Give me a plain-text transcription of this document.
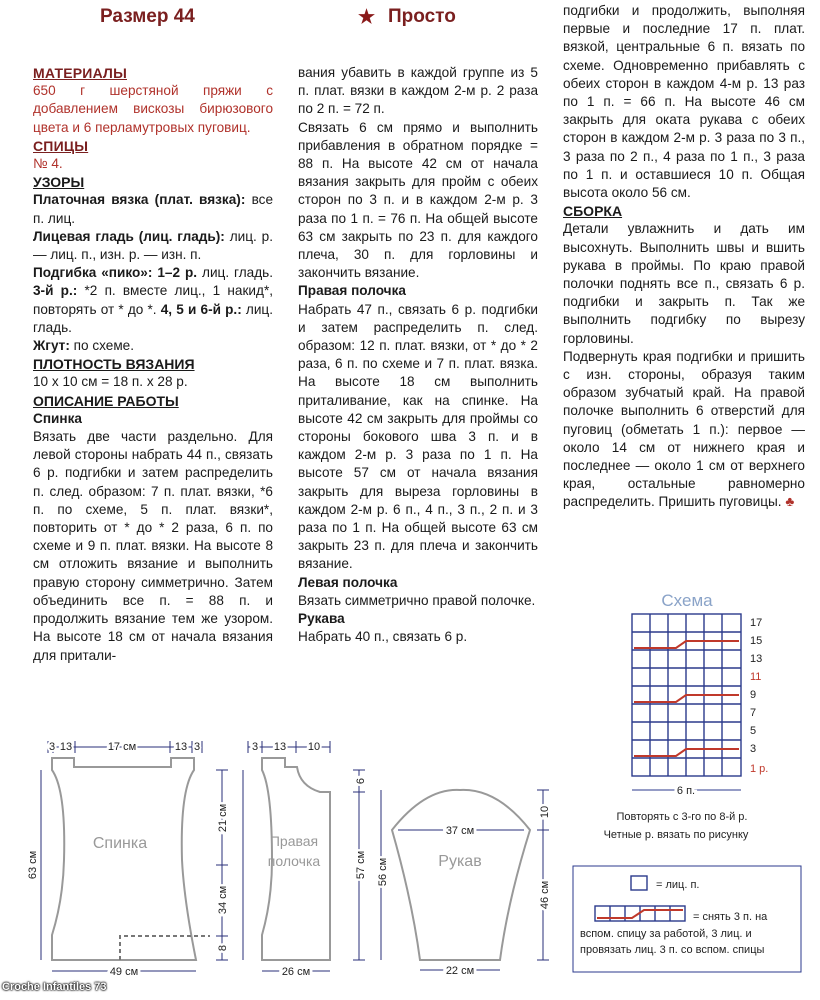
Размер 44	★ Просто

МАТЕРИАЛЫ

650 г шерстяной пряжи с добавлением вискозы бирюзового цвета и 6 перламутровых пуговиц.

СПИЦЫ

№ 4.

УЗОРЫ

Платочная вязка (плат. вязка): все п. лиц.

Лицевая гладь (лиц. гладь): лиц. р. — лиц. п., изн. р. — изн. п.

Подгибка «пико»: 1–2 р. лиц. гладь. 3-й р.: *2 п. вместе лиц., 1 накид*, повторять от * до *. 4, 5 и 6-й р.: лиц. гладь.

Жгут: по схеме.

ПЛОТНОСТЬ ВЯЗАНИЯ

10 x 10 см = 18 п. x 28 р.

ОПИСАНИЕ РАБОТЫ

Спинка

Вязать две части раздельно. Для левой стороны набрать 44 п., связать 6 р. подгибки и затем распределить п. след. образом: 7 п. плат. вязки, *6 п. по схеме, 5 п. плат. вязки*, повторить от * до * 2 раза, 6 п. по схеме и 9 п. плат. вязки. На высоте 8 см отложить вязание и выполнить правую сторону симметрично. Затем объединить все п. = 88 п. и продолжить вязание тем же узором. На высоте 18 см от начала вязания для притали-

вания убавить в каждой группе из 5 п. плат. вязки в каждом 2-м р. 2 раза по 2 п. = 72 п.

Связать 6 см прямо и выполнить прибавления в обратном порядке = 88 п. На высоте 42 см от начала вязания закрыть для пройм с обеих сторон по 3 п. и в каждом 2-м р. 3 раза по 1 п. = 76 п. На общей высоте 63 см закрыть по 23 п. для каждого плеча, 30 п. для горловины и закончить вязание.

Правая полочка

Набрать 47 п., связать 6 р. подгибки и затем распределить п. след. образом: 12 п. плат. вязки, от * до * 2 раза, 6 п. по схеме и 7 п. плат. вязка. На высоте 18 см выполнить приталивание, как на спинке. На высоте 42 см закрыть для проймы со стороны бокового шва 3 п. и в каждом 2-м р. 3 раза по 1 п. На высоте 57 см от начала вязания закрыть для выреза горловины в каждом 2-м р. 6 п., 4 п., 3 п., 2 п. и 3 раза по 1 п. На общей высоте 63 см закрыть 23 п. для плеча и закончить вязание.

Левая полочка

Вязать симметрично правой полочке.

Рукава

Набрать 40 п., связать 6 р.

подгибки и продолжить, выполняя первые и последние 17 п. плат. вязкой, центральные 6 п. вязать по схеме. Одновременно прибавлять с обеих сторон в каждом 4-м р. 13 раз по 1 п. = 66 п. На высоте 46 см закрыть для оката рукава с обеих сторон в каждом 2-м р. 3 раза по 3 п., 3 раза по 2 п., 4 раза по 1 п., 3 раза по 1 п. и оставшиеся 10 п. Общая высота около 56 см.

СБОРКА

Детали увлажнить и дать им высохнуть. Выполнить швы и вшить рукава в проймы. По краю правой полочки поднять все п., связать 6 р. подгибки и закрыть п. Так же выполнить подгибку по вырезу горловины.

Подвернуть края подгибки и пришить с изн. стороны, образуя таким образом зубчатый край. На правой полочке выполнить 6 отверстий для пуговиц (обметать 1 п.): первое — около 14 см от нижнего края и последнее — около 1 см от верхнего края, остальные равномерно распределить. Пришить пуговицы. ♣

Схема
17
15
13
11
9
7
5
3
1 р.
6 п.
Повторять с 3-го по 8-й р.
Четные р. вязать по рисунку
= лиц. п.
= снять 3 п. на
вспом. спицу за работой, 3 лиц. и
провязать лиц. 3 п. со вспом. спицы
Спинка
3 13	17 см	13 3
63 см
21 см
34 см
8
49 см
Правая
полочка
3 13 10
6
57 см
26 см
Рукав
37 см
56 см
10
46 см
22 см
Croche Infantiles 73
